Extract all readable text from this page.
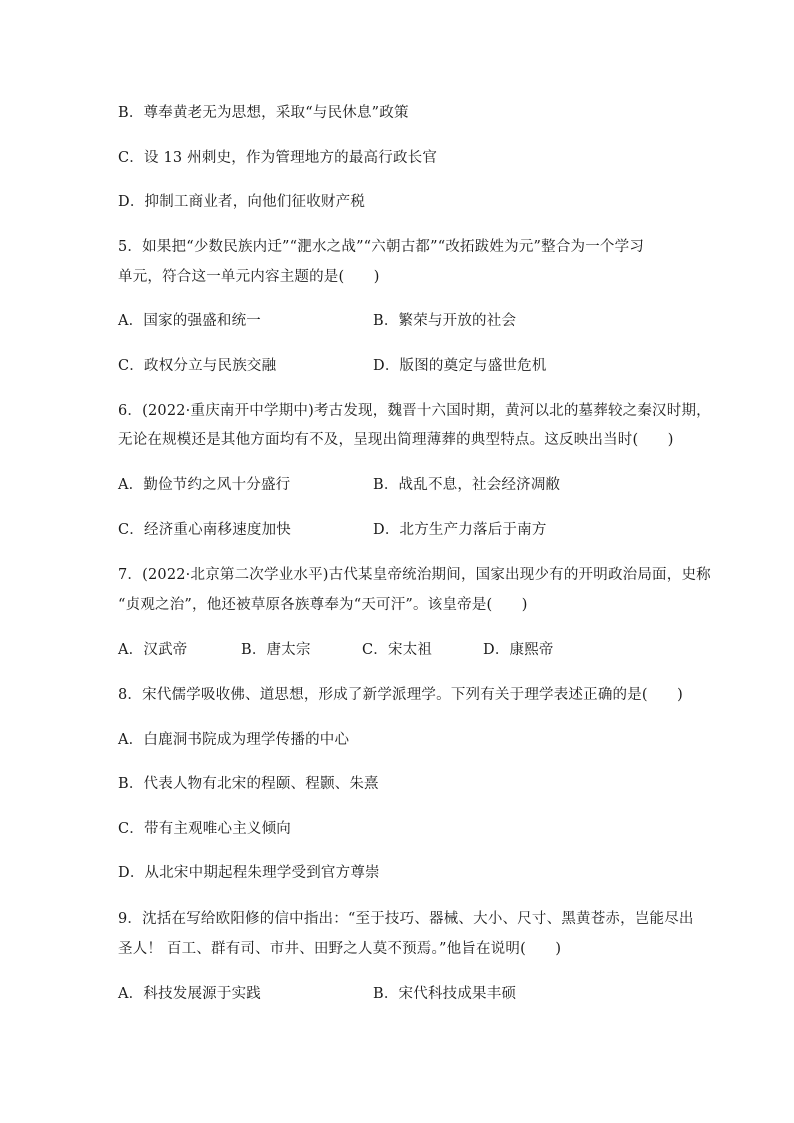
B．尊奉黄老无为思想，采取“与民休息”政策
C．设 13 州刺史，作为管理地方的最高行政长官
D．抑制工商业者，向他们征收财产税
5．如果把“少数民族内迁”“淝水之战”“六朝古都”“改拓跋姓为元”整合为一个学习
单元，符合这一单元内容主题的是(　　)
A．国家的强盛和统一	B．繁荣与开放的社会
C．政权分立与民族交融	D．版图的奠定与盛世危机
6．(2022·重庆南开中学期中)考古发现，魏晋十六国时期，黄河以北的墓葬较之秦汉时期，
无论在规模还是其他方面均有不及，呈现出简理薄葬的典型特点。这反映出当时(　　)
A．勤俭节约之风十分盛行	B．战乱不息，社会经济凋敝
C．经济重心南移速度加快	D．北方生产力落后于南方
7．(2022·北京第二次学业水平)古代某皇帝统治期间，国家出现少有的开明政治局面，史称
“贞观之治”，他还被草原各族尊奉为“天可汗”。该皇帝是(　　)
A．汉武帝	B．唐太宗	C．宋太祖	D．康熙帝
8．宋代儒学吸收佛、道思想，形成了新学派理学。下列有关于理学表述正确的是(　　)
A．白鹿洞书院成为理学传播的中心
B．代表人物有北宋的程颐、程颢、朱熹
C．带有主观唯心主义倾向
D．从北宋中期起程朱理学受到官方尊崇
9．沈括在写给欧阳修的信中指出：“至于技巧、器械、大小、尺寸、黑黄苍赤，岂能尽出
圣人！ 百工、群有司、市井、田野之人莫不预焉。”他旨在说明(　　)
A．科技发展源于实践	B．宋代科技成果丰硕
